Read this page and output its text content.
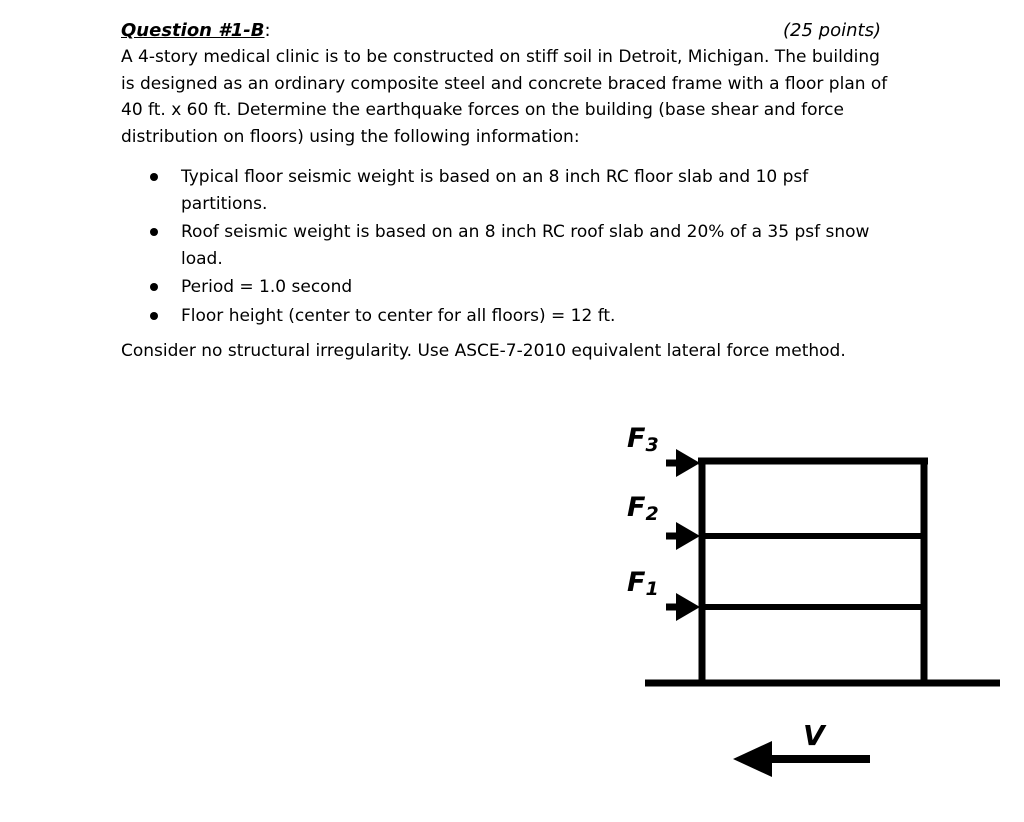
Question #1-B:	(25 points)

A 4-story medical clinic is to be constructed on stiff soil in Detroit, Michigan. The building is designed as an ordinary composite steel and concrete braced frame with a floor plan of 40 ft. x 60 ft. Determine the earthquake forces on the building (base shear and force distribution on floors) using the following information:

Typical floor seismic weight is based on an 8 inch RC floor slab and 10 psf partitions.
Roof seismic weight is based on an 8 inch RC roof slab and 20% of a 35 psf snow load.
Period = 1.0 second
Floor height (center to center for all floors) = 12 ft.

Consider no structural irregularity. Use ASCE-7-2010 equivalent lateral force method.

F3
F2
F1
V
